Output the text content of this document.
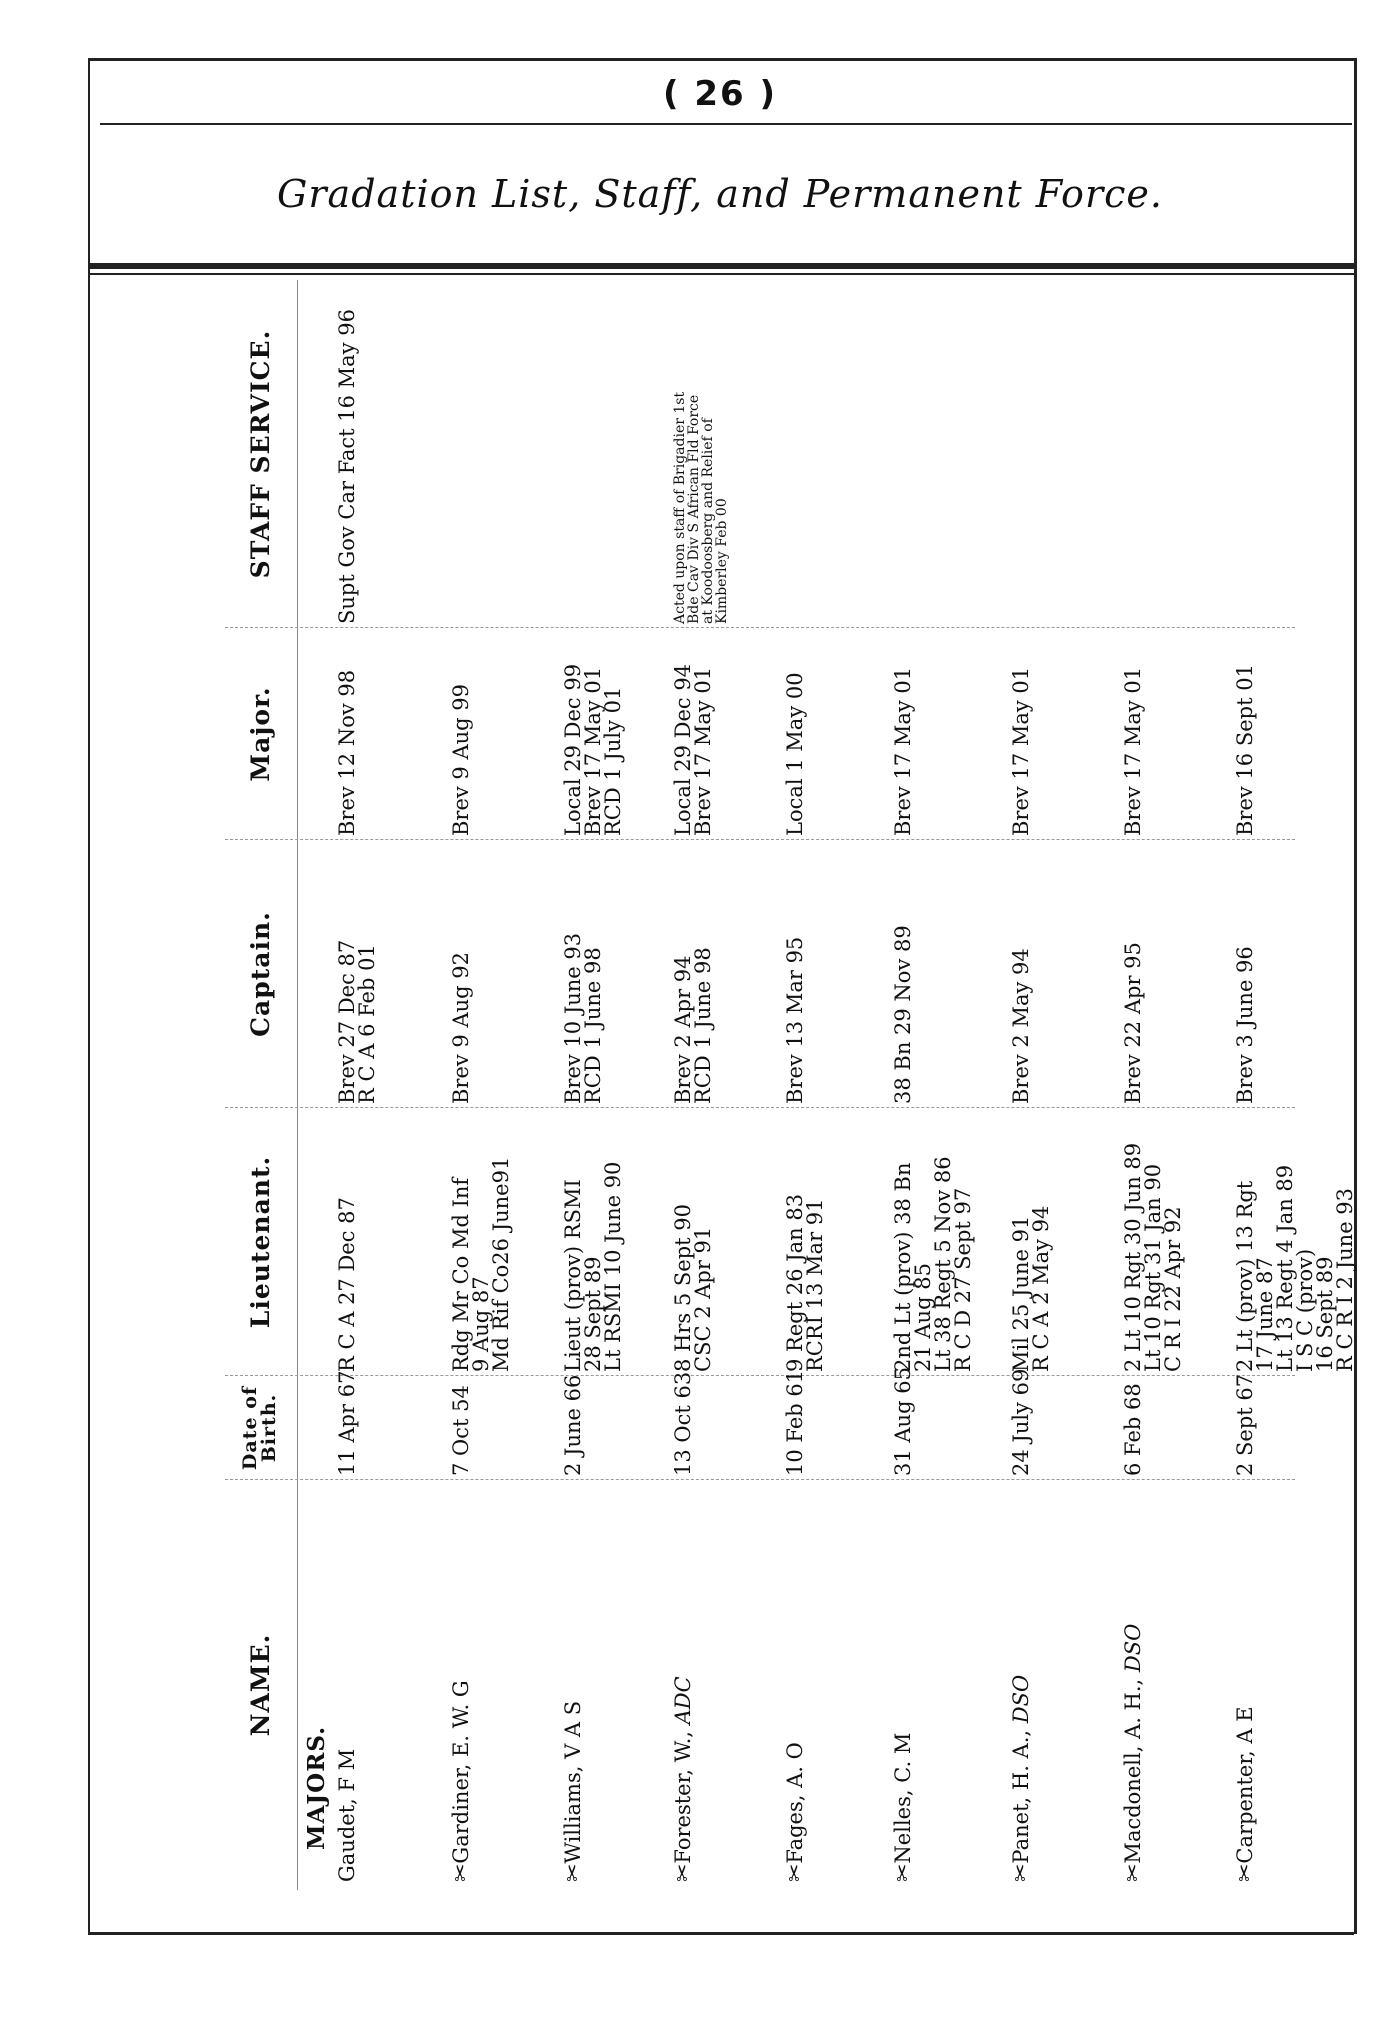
( 26 )
Gradation List, Staff, and Permanent Force.
NAME.
Date of Birth.
Lieutenant.
Captain.
Major.
STAFF SERVICE.
MAJORS. Gaudet, F M
11 Apr 67
R C A 27 Dec 87
Brev 27 Dec 87
R C A 6 Feb 01
Brev 12 Nov 98
Supt Gov Car Fact 16 May 96
✂Gardiner, E. W. G
7 Oct 54
Rdg Mr Co Md Inf
9 Aug 87
Md Rif Co26 June91
Brev 9 Aug 92
Brev 9 Aug 99
✂Williams, V A S
2 June 66
Lieut (prov) RSMI
28 Sept 89
Lt RSMI 10 June 90
Brev 10 June 93
RCD 1 June 98
Local 29 Dec 99
Brev 17 May 01
RCD 1 July 01
✂Forester, W., ADC
13 Oct 63
8 Hrs 5 Sept 90
CSC 2 Apr 91
Brev 2 Apr 94
RCD 1 June 98
Local 29 Dec 94
Brev 17 May 01
Acted upon staff of Brigadier 1st
Bde Cav Div S African Fld Force
at Koodoosberg and Relief of
Kimberley Feb 00
✂Fages, A. O
10 Feb 61
9 Regt 26 Jan 83
RCRI 13 Mar 91
Brev 13 Mar 95
Local 1 May 00
✂Nelles, C. M
31 Aug 65
2nd Lt (prov) 38 Bn
21 Aug 85
Lt 38 Regt 5 Nov 86
R C D 27 Sept 97
38 Bn 29 Nov 89
Brev 17 May 01
✂Panet, H. A., DSO
24 July 69
Mil 25 June 91
R C A 2 May 94
Brev 2 May 94
Brev 17 May 01
✂Macdonell, A. H., DSO
6 Feb 68
2 Lt 10 Rgt 30 Jun 89
Lt 10 Rgt 31 Jan 90
C R I 22 Apr 92
Brev 22 Apr 95
Brev 17 May 01
✂Carpenter, A E
2 Sept 67
2 Lt (prov) 13 Rgt
17 June 87
Lt 13 Regt 4 Jan 89
I S C (prov)
16 Sept 89
R C R I 2 June 93
Brev 3 June 96
Brev 16 Sept 01
